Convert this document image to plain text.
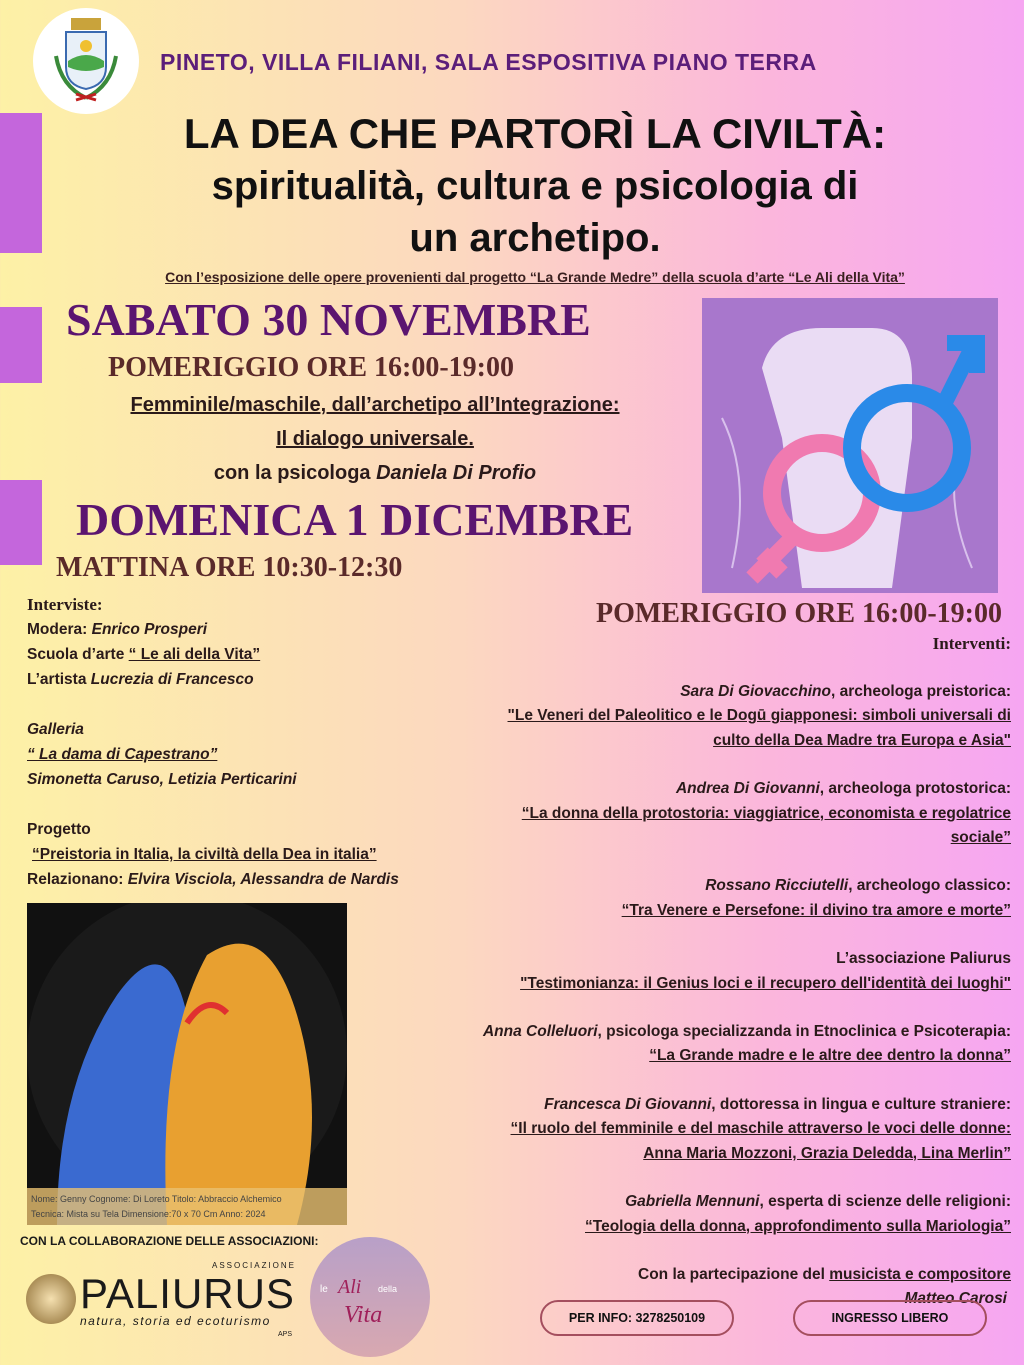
PINETO, VILLA FILIANI, SALA ESPOSITIVA PIANO TERRA
LA DEA CHE PARTORÌ LA CIVILTÀ:
spiritualità, cultura e psicologia di
un archetipo.
Con l’esposizione delle opere provenienti dal progetto “La Grande Medre” della scuola d’arte “Le Ali della Vita”
SABATO 30 NOVEMBRE
POMERIGGIO ORE 16:00-19:00
Femminile/maschile, dall’archetipo all’Integrazione:
Il dialogo universale.
con la psicologa Daniela Di Profio
DOMENICA 1 DICEMBRE
MATTINA ORE 10:30-12:30
POMERIGGIO ORE 16:00-19:00

Interviste:

Modera: Enrico Prosperi

Scuola d’arte “ Le ali della Vita”

L’artista Lucrezia di Francesco

Galleria

“ La dama di Capestrano”

Simonetta Caruso, Letizia Perticarini

Progetto

“Preistoria in Italia, la civiltà della Dea in italia”

Relazionano: Elvira Visciola, Alessandra de Nardis

Nome: Genny Cognome: Di Loreto Titolo: Abbraccio Alchemico
Tecnica: Mista su Tela Dimensione:70 x 70 Cm Anno: 2024

Interventi:

Sara Di Giovacchino, archeologa preistorica:

"Le Veneri del Paleolitico e le Dogū giapponesi: simboli universali di

culto della Dea Madre tra Europa e Asia"

Andrea Di Giovanni, archeologa protostorica:

“La donna della protostoria: viaggiatrice, economista e regolatrice

sociale”

Rossano Ricciutelli, archeologo classico:

“Tra Venere e Persefone: il divino tra amore e morte”

L’associazione Paliurus

"Testimonianza: il Genius loci e il recupero dell'identità dei luoghi"

Anna Colleluori, psicologa specializzanda in Etnoclinica e Psicoterapia:

“La Grande madre e le altre dee dentro la donna”

Francesca Di Giovanni, dottoressa in lingua e culture straniere:

“Il ruolo del femminile e del maschile attraverso le voci delle donne:

Anna Maria Mozzoni, Grazia Deledda, Lina Merlin”

Gabriella Mennuni, esperta di scienze delle religioni:

“Teologia della donna, approfondimento sulla Mariologia”

Con la partecipazione del musicista e compositore

Matteo Carosi

CON LA COLLABORAZIONE DELLE ASSOCIAZIONI:
ASSOCIAZIONE
PALIURUS
natura, storia ed ecoturismo
APS
le Ali della
Vita	PER INFO: 3278250109	INGRESSO LIBERO
